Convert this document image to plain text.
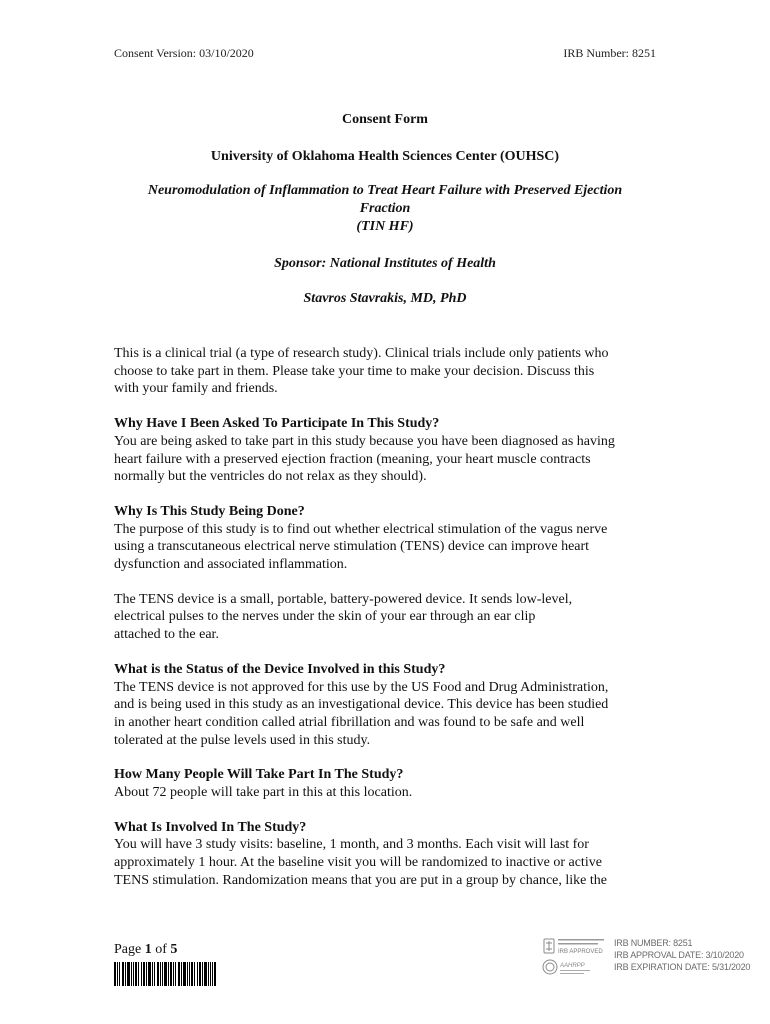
Consent Version: 03/10/2020	IRB Number: 8251
Consent Form
University of Oklahoma Health Sciences Center (OUHSC)
Neuromodulation of Inflammation to Treat Heart Failure with Preserved Ejection
Fraction
(TIN HF)
Sponsor: National Institutes of Health
Stavros Stavrakis, MD, PhD
This is a clinical trial (a type of research study). Clinical trials include only patients who
choose to take part in them. Please take your time to make your decision. Discuss this
with your family and friends.
Why Have I Been Asked To Participate In This Study?
You are being asked to take part in this study because you have been diagnosed as having
heart failure with a preserved ejection fraction (meaning, your heart muscle contracts
normally but the ventricles do not relax as they should).
Why Is This Study Being Done?
The purpose of this study is to find out whether electrical stimulation of the vagus nerve
using a transcutaneous electrical nerve stimulation (TENS) device can improve heart
dysfunction and associated inflammation.
The TENS device is a small, portable, battery-powered device. It sends low-level,
electrical pulses to the nerves under the skin of your ear through an ear clip
attached to the ear.
What is the Status of the Device Involved in this Study?
The TENS device is not approved for this use by the US Food and Drug Administration,
and is being used in this study as an investigational device. This device has been studied
in another heart condition called atrial fibrillation and was found to be safe and well
tolerated at the pulse levels used in this study.
How Many People Will Take Part In The Study?
About 72 people will take part in this at this location.
What Is Involved In The Study?
You will have 3 study visits: baseline, 1 month, and 3 months. Each visit will last for
approximately 1 hour. At the baseline visit you will be randomized to inactive or active
TENS stimulation. Randomization means that you are put in a group by chance, like the
Page 1 of 5	IRB APPROVED
AAHRPP
IRB NUMBER: 8251
IRB APPROVAL DATE: 3/10/2020
IRB EXPIRATION DATE: 5/31/2020
